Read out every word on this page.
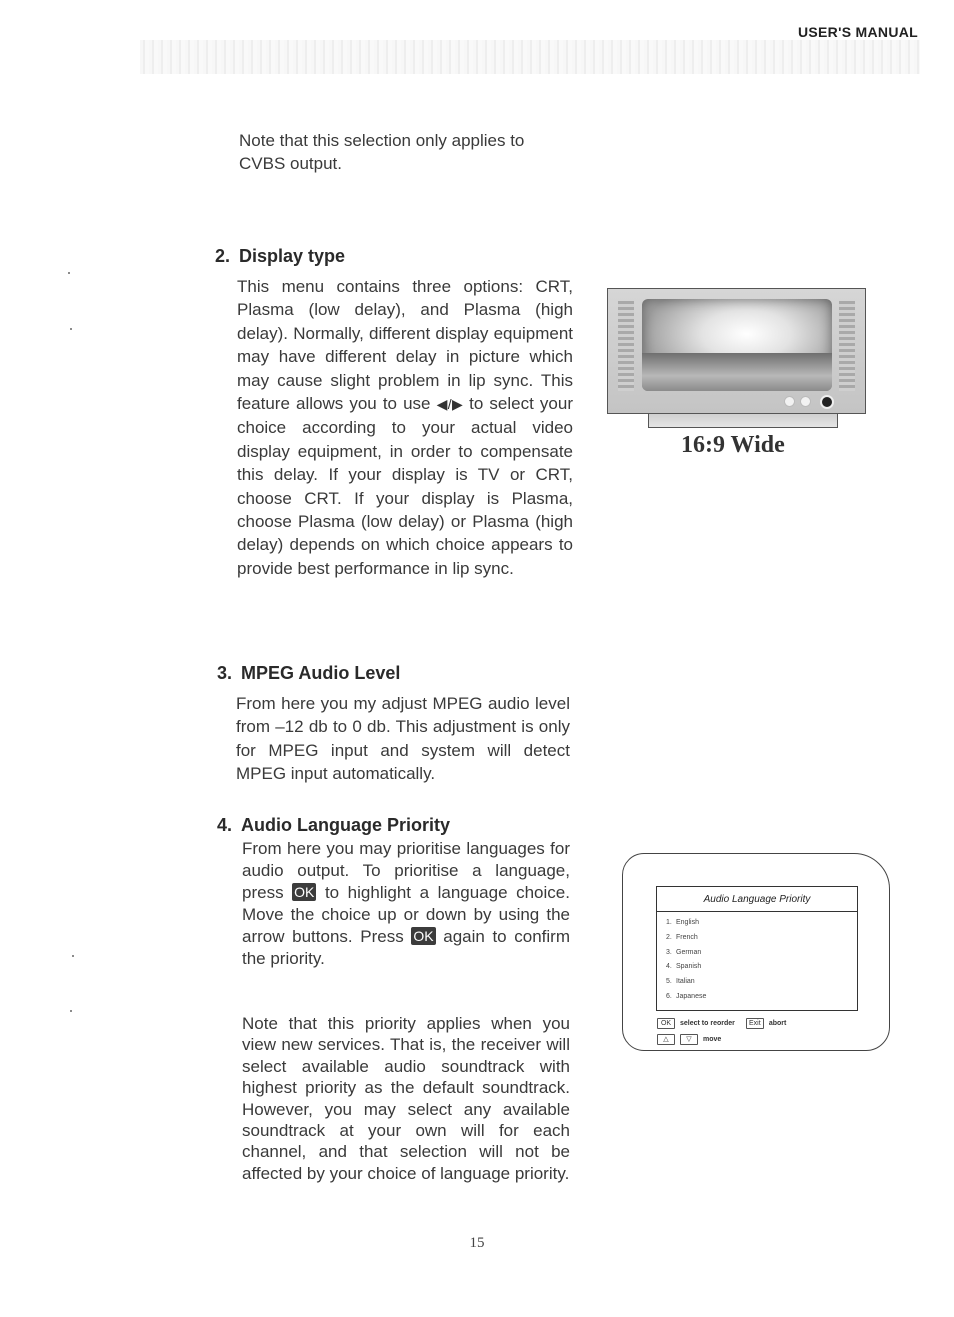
USER'S MANUAL

Note that this selection only applies to CVBS output.

2. Display type

This menu contains three options: CRT, Plasma (low delay), and Plasma (high delay). Normally, different display equipment may have different delay in picture which may cause slight problem in lip sync. This feature allows you to use ◀/▶ to select your choice according to your actual video display equipment, in order to compensate this delay. If your display is TV or CRT, choose CRT. If your display is Plasma, choose Plasma (low delay) or Plasma (high delay) depends on which choice appears to provide best performance in lip sync.

16:9 Wide

3. MPEG Audio Level

From here you my adjust MPEG audio level from –12 db to 0 db. This adjustment is only for MPEG input and system will detect MPEG input automatically.

4. Audio Language Priority

From here you may prioritise languages for audio output. To prioritise a language, press OK to highlight a language choice. Move the choice up or down by using the arrow buttons. Press OK again to confirm the priority.

Note that this priority applies when you view new services. That is, the receiver will select available audio soundtrack with highest priority as the default soundtrack. However, you may select any available soundtrack at your own will for each channel, and that selection will not be affected by your choice of language priority.

Audio Language Priority
1. English
2. French
3. German
4. Spanish
5. Italian
6. Japanese
OK	select to reorder	Exit	abort
△	▽	move
15
